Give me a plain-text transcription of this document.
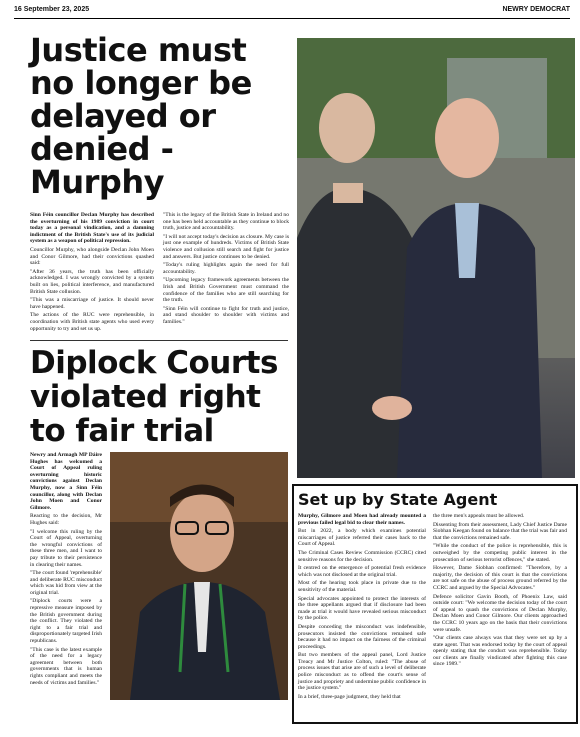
16 September 23, 2025	NEWRY DEMOCRAT
Justice must no longer be delayed or denied - Murphy

Sinn Féin councillor Declan Murphy has described the overturning of his 1989 conviction in court today as a personal vindication, and a damning indictment of the British State's use of its judicial system as a weapon of political repression.

Councillor Murphy, who alongside Declan John Moen and Conor Gilmore, had their convictions quashed said:

"After 36 years, the truth has been officially acknowledged. I was wrongly convicted by a system built on lies, political interference, and manufactured British State collusion.

"This was a miscarriage of justice. It should never have happened.

The actions of the RUC were reprehensible, in coordination with British state agents who used every opportunity to try and set us up.

"This is the legacy of the British State in Ireland and no one has been held accountable as they continue to block truth, justice and accountability.

"I will not accept today's decision as closure. My case is just one example of hundreds. Victims of British State violence and collusion still search and fight for justice and answers. But justice continues to be denied.

"Today's ruling highlights again the need for full accountability.

"Upcoming legacy framework agreements between the Irish and British Government must command the confidence of the families who are still searching for the truth.

"Sinn Féin will continue to fight for truth and justice, and stand shoulder to shoulder with victims and families."

Diplock Courts violated right to fair trial

Newry and Armagh MP Dáire Hughes has welcomed a Court of Appeal ruling overturning historic convictions against Declan Murphy, now a Sinn Féin councillor, along with Declan John Moen and Conor Gilmore.

Reacting to the decision, Mr Hughes said:

"I welcome this ruling by the Court of Appeal, overturning the wrongful convictions of these three men, and I want to pay tribute to their persistence in clearing their names.

"The court found 'reprehensible' and deliberate RUC misconduct which was hid from view at the original trial.

"Diplock courts were a repressive measure imposed by the British government during the conflict. They violated the right to a fair trial and disproportionately targeted Irish republicans.

"This case is the latest example of the need for a legacy agreement between both governments that is human rights compliant and meets the needs of victims and families."

Set up by State Agent

Murphy, Gilmore and Moen had already mounted a previous failed legal bid to clear their names.

But in 2022, a body which examines potential miscarriages of justice referred their cases back to the Court of Appeal.

The Criminal Cases Review Commission (CCRC) cited sensitive reasons for the decision.

It centred on the emergence of potential fresh evidence which was not disclosed at the original trial.

Most of the hearing took place in private due to the sensitivity of the material.

Special advocates appointed to protect the interests of the three appellants argued that if disclosure had been made at trial it would have revealed serious misconduct by the police.

Despite conceding the misconduct was indefensible, prosecutors insisted the convictions remained safe because it had no impact on the fairness of the criminal proceedings.

But two members of the appeal panel, Lord Justice Treacy and Mr Justice Colton, ruled: "The abuse of process issues that arise are of such a level of deliberate police misconduct as to offend the court's sense of justice and propriety and undermine public confidence in the justice system."

In a brief, three-page judgment, they held that

the three men's appeals must be allowed.

Dissenting from their assessment, Lady Chief Justice Dame Siobhan Keegan found on balance that the trial was fair and that the convictions remained safe.

"While the conduct of the police is reprehensible, this is outweighed by the competing public interest in the prosecution of serious terrorist offences," she stated.

However, Dame Siobhan confirmed: "Therefore, by a majority, the decision of this court is that the convictions are not safe on the abuse of process ground referred by the CCRC and argued by the Special Advocates."

Defence solicitor Gavin Booth, of Phoenix Law, said outside court: "We welcome the decision today of the court of appeal to quash the convictions of Declan Murphy, Declan Moen and Conor Gilmore. Our clients approached the CCRC 10 years ago on the basis that their convictions were unsafe.

"Our clients case always was that they were set up by a state agent. That was endorsed today by the court of appeal openly stating that the conduct was reprehensible. Today our clients are finally vindicated after fighting this case since 1989."
